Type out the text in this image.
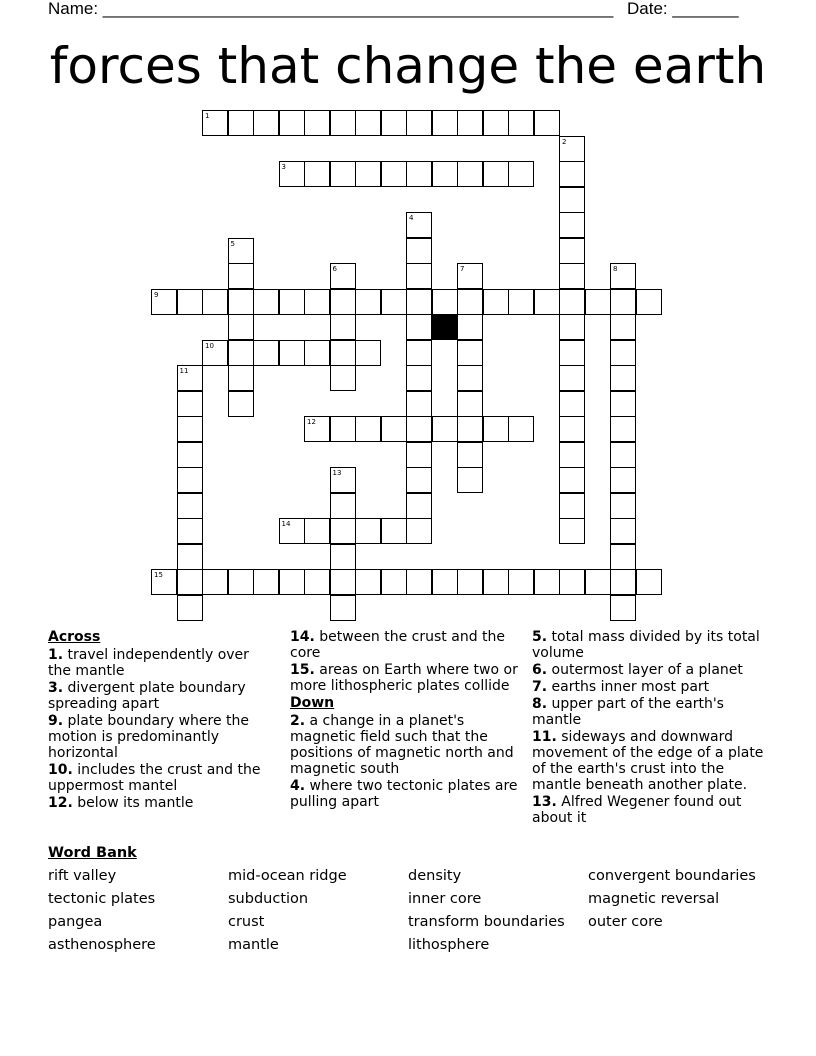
Name: ______________________________________________________ Date: _______
forces that change the earth
1
3
9
10
12
14
15
2
4
5
6	7	8
11
13
Across
1. travel independently over the mantle
3. divergent plate boundary spreading apart
9. plate boundary where the motion is predominantly horizontal
10. includes the crust and the uppermost mantel
12. below its mantle
14. between the crust and the core
15. areas on Earth where two or more lithospheric plates collide
Down
2. a change in a planet's magnetic field such that the positions of magnetic north and magnetic south
4. where two tectonic plates are pulling apart
5. total mass divided by its total volume
6. outermost layer of a planet
7. earths inner most part
8. upper part of the earth's mantle
11. sideways and downward movement of the edge of a plate of the earth's crust into the mantle beneath another plate.
13. Alfred Wegener found out about it
Word Bank
rift valley	mid-ocean ridge	density	convergent boundaries
tectonic plates	subduction	inner core	magnetic reversal
pangea	crust	transform boundaries	outer core
asthenosphere	mantle	lithosphere
